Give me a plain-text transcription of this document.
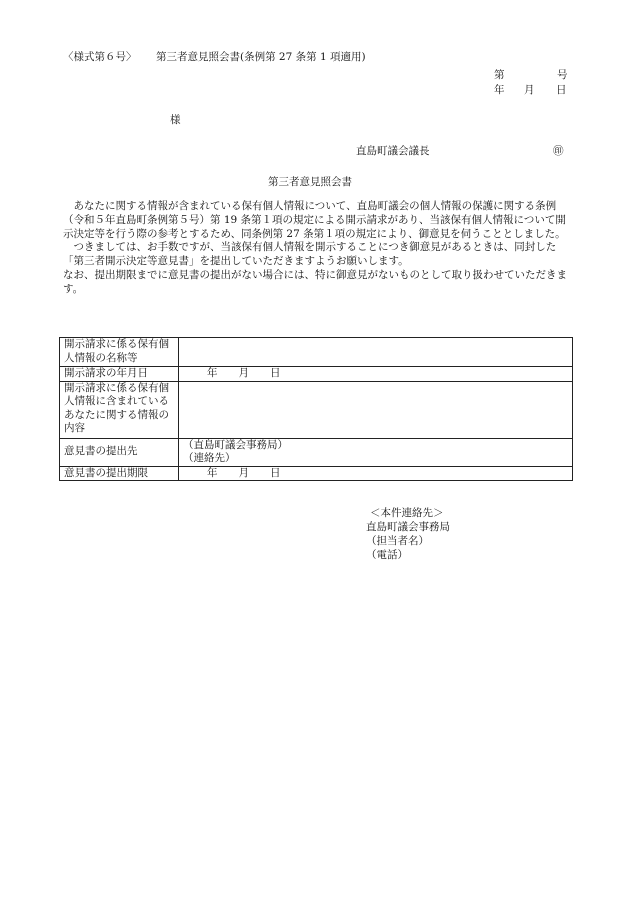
〈様式第６号〉 第三者意見照会書(条例第 27 条第 1 項適用)
第	号
年 月 日
様
直島町議会議長	㊞
第三者意見照会書

あなたに関する情報が含まれている保有個人情報について、直島町議会の個人情報の保護に関する条例（令和５年直島町条例第５号）第 19 条第１項の規定による開示請求があり、当該保有個人情報について開示決定等を行う際の参考とするため、同条例第 27 条第１項の規定により、御意見を伺うこととしました。

つきましては、お手数ですが、当該保有個人情報を開示することにつき御意見があるときは、同封した「第三者開示決定等意見書」を提出していただきますようお願いします。

なお、提出期限までに意見書の提出がない場合には、特に御意見がないものとして取り扱わせていただきます。

開示請求に係る保有個人情報の名称等	
開示請求の年月日	年　　月　　日
開示請求に係る保有個人情報に含まれているあなたに関する情報の内容	
意見書の提出先	（直島町議会事務局）
（連絡先）

意見書の提出期限	年　　月　　日
＜本件連絡先＞
直島町議会事務局
（担当者名）
（電話）
